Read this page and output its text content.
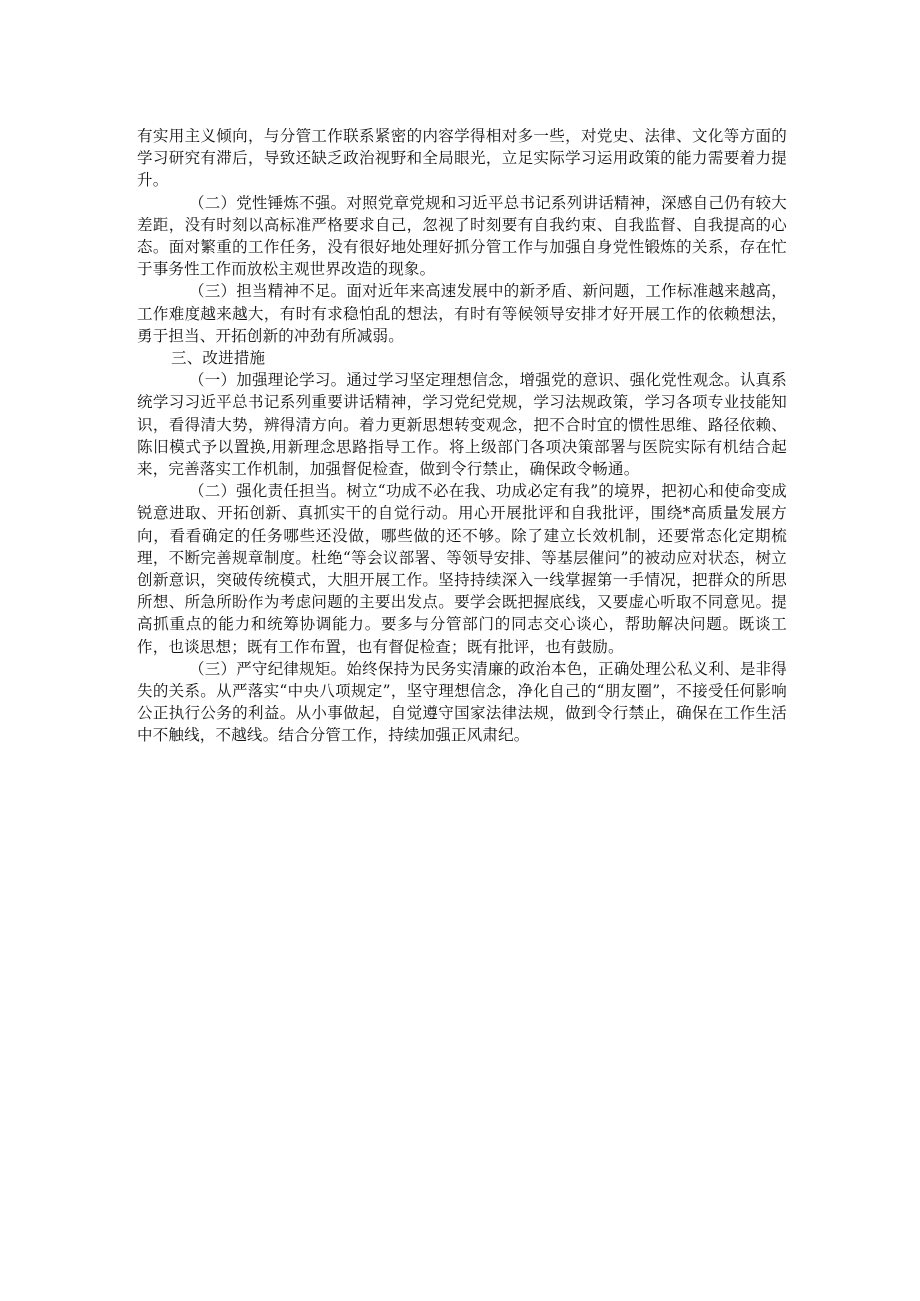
有实用主义倾向，与分管工作联系紧密的内容学得相对多一些，对党史、法律、文化等方面的学习研究有滞后，导致还缺乏政治视野和全局眼光，立足实际学习运用政策的能力需要着力提升。

（二）党性锤炼不强。对照党章党规和习近平总书记系列讲话精神，深感自己仍有较大差距，没有时刻以高标准严格要求自己，忽视了时刻要有自我约束、自我监督、自我提高的心态。面对繁重的工作任务，没有很好地处理好抓分管工作与加强自身党性锻炼的关系，存在忙于事务性工作而放松主观世界改造的现象。

（三）担当精神不足。面对近年来高速发展中的新矛盾、新问题，工作标准越来越高，工作难度越来越大，有时有求稳怕乱的想法，有时有等候领导安排才好开展工作的依赖想法，勇于担当、开拓创新的冲劲有所减弱。

三、改进措施

（一）加强理论学习。通过学习坚定理想信念，增强党的意识、强化党性观念。认真系统学习习近平总书记系列重要讲话精神，学习党纪党规，学习法规政策，学习各项专业技能知识，看得清大势，辨得清方向。着力更新思想转变观念，把不合时宜的惯性思维、路径依赖、陈旧模式予以置换,用新理念思路指导工作。将上级部门各项决策部署与医院实际有机结合起来，完善落实工作机制，加强督促检查，做到令行禁止，确保政令畅通。

（二）强化责任担当。树立“功成不必在我、功成必定有我”的境界，把初心和使命变成锐意进取、开拓创新、真抓实干的自觉行动。用心开展批评和自我批评，围绕*高质量发展方向，看看确定的任务哪些还没做，哪些做的还不够。除了建立长效机制，还要常态化定期梳理，不断完善规章制度。杜绝“等会议部署、等领导安排、等基层催问”的被动应对状态，树立创新意识，突破传统模式，大胆开展工作。坚持持续深入一线掌握第一手情况，把群众的所思所想、所急所盼作为考虑问题的主要出发点。要学会既把握底线，又要虚心听取不同意见。提高抓重点的能力和统筹协调能力。要多与分管部门的同志交心谈心，帮助解决问题。既谈工作，也谈思想；既有工作布置，也有督促检查；既有批评，也有鼓励。

（三）严守纪律规矩。始终保持为民务实清廉的政治本色，正确处理公私义利、是非得失的关系。从严落实“中央八项规定”，坚守理想信念，净化自己的“朋友圈”，不接受任何影响公正执行公务的利益。从小事做起，自觉遵守国家法律法规，做到令行禁止，确保在工作生活中不触线，不越线。结合分管工作，持续加强正风肃纪。
